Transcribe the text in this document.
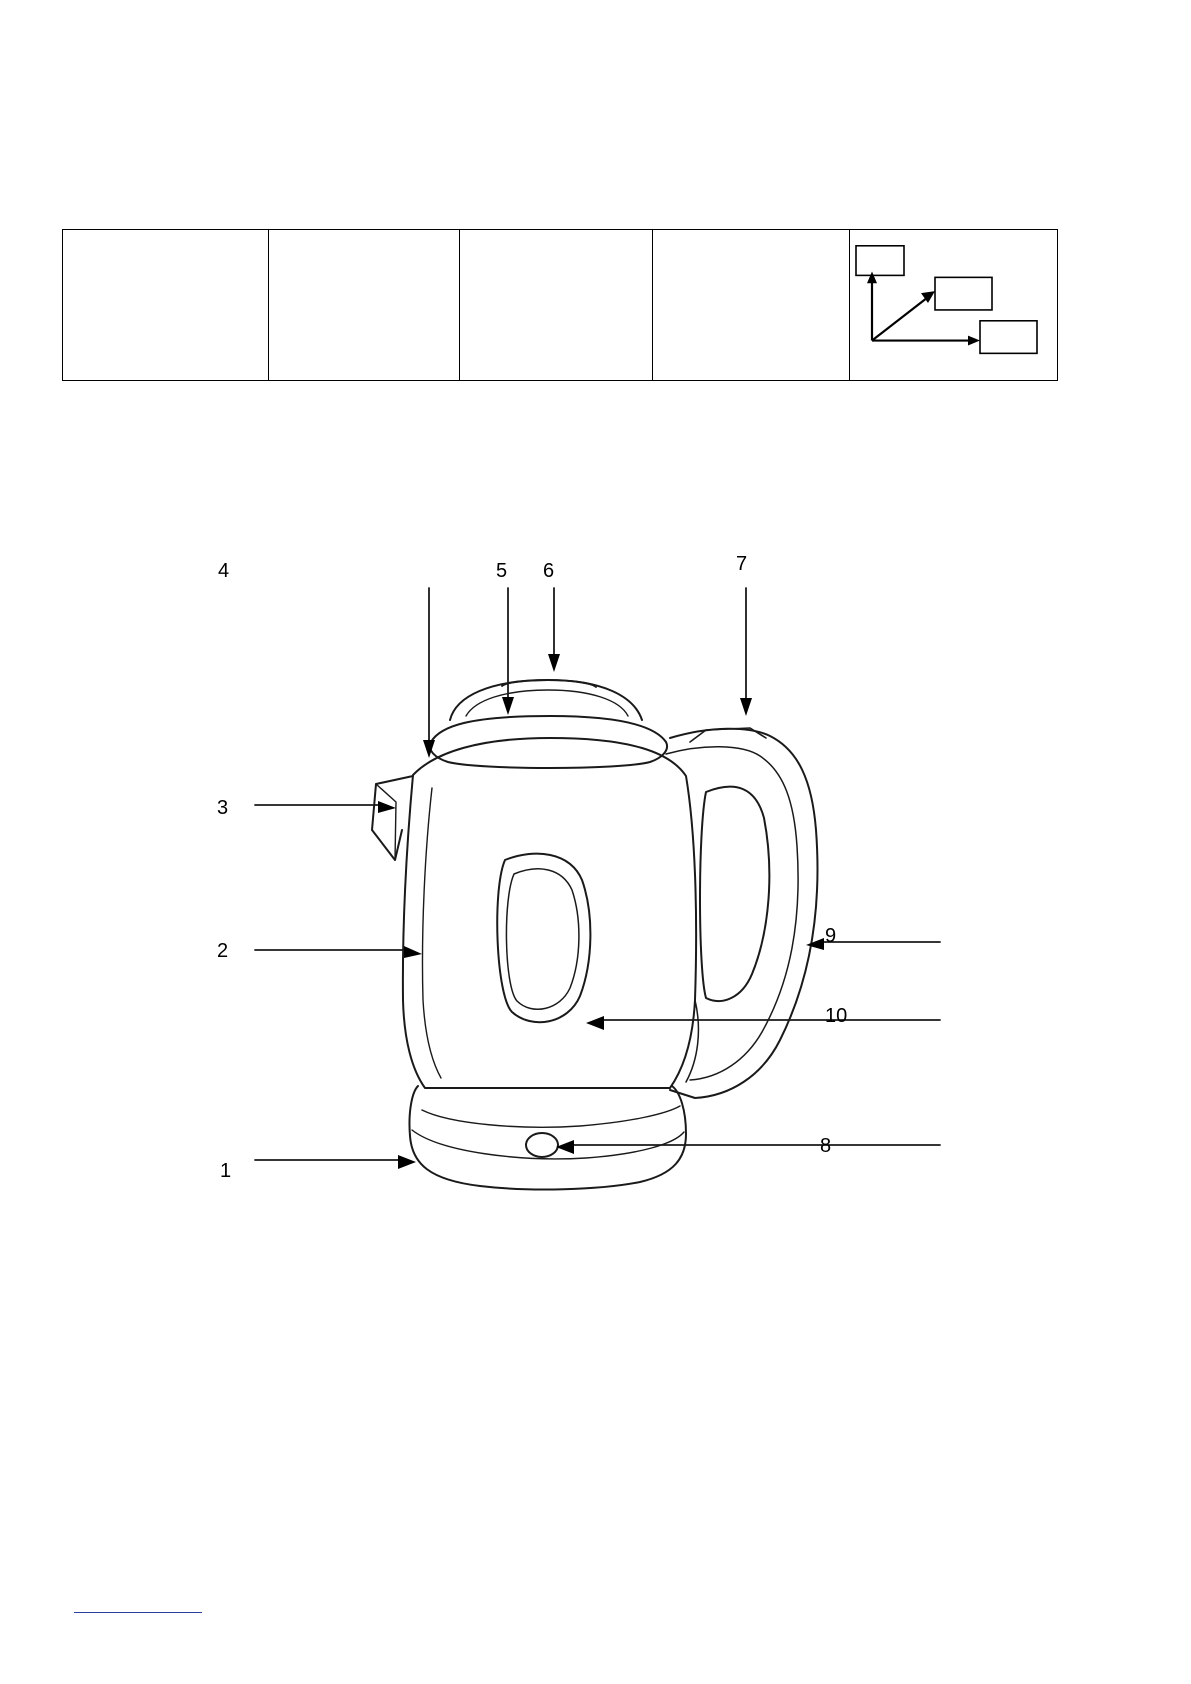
4	5 6	7
3
2
1
9
10
8
